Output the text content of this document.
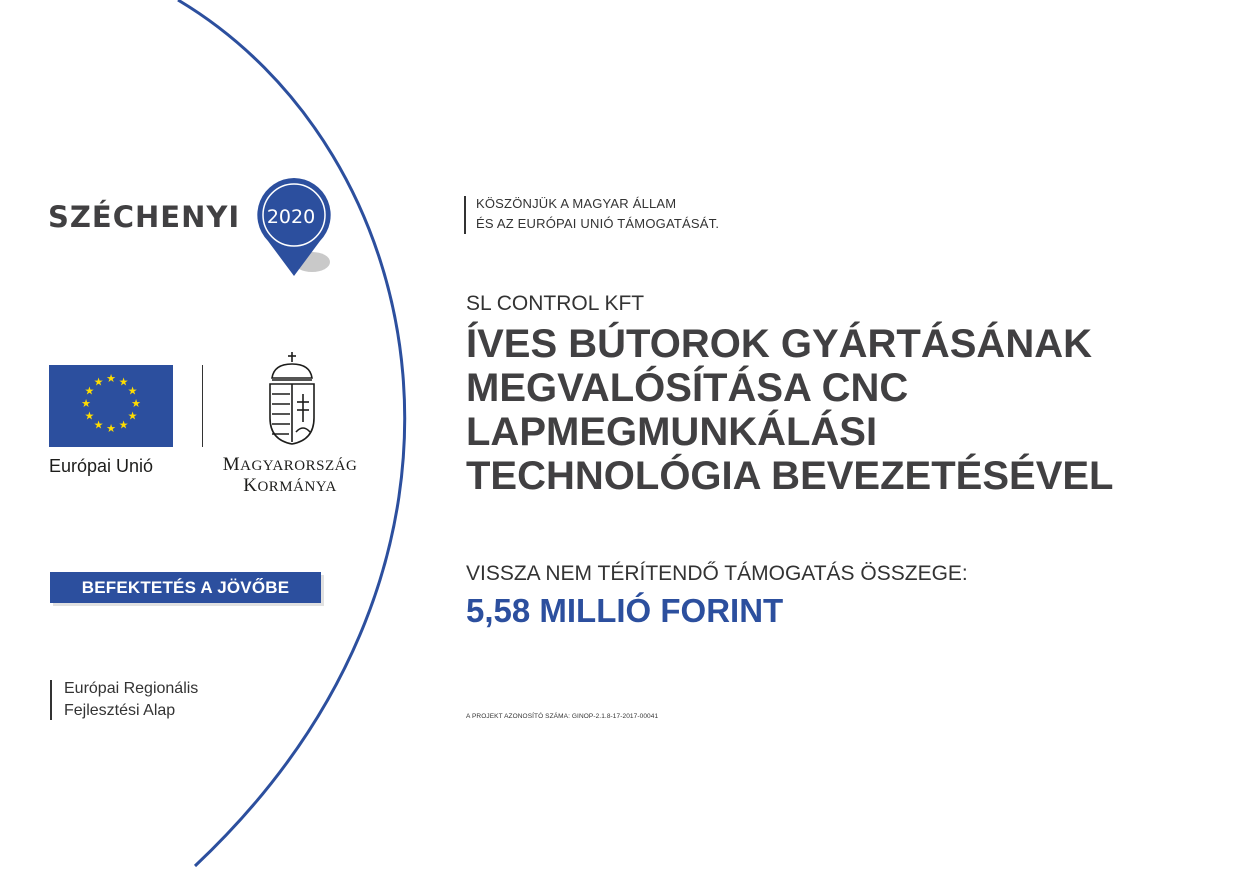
SZÉCHENYI	2020
★ ★
★
★
★
★
★
★
★
★
★
★
Európai Unió	MAGYARORSZÁG
KORMÁNYA
BEFEKTETÉS A JÖVŐBE
Európai Regionális
Fejlesztési Alap
KÖSZÖNJÜK A MAGYAR ÁLLAM
ÉS AZ EURÓPAI UNIÓ TÁMOGATÁSÁT.
SL CONTROL KFT
ÍVES BÚTOROK GYÁRTÁSÁNAK
MEGVALÓSÍTÁSA CNC
LAPMEGMUNKÁLÁSI
TECHNOLÓGIA BEVEZETÉSÉVEL
VISSZA NEM TÉRÍTENDŐ TÁMOGATÁS ÖSSZEGE:
5,58 MILLIÓ FORINT
A PROJEKT AZONOSÍTÓ SZÁMA: GINOP-2.1.8-17-2017-00041
